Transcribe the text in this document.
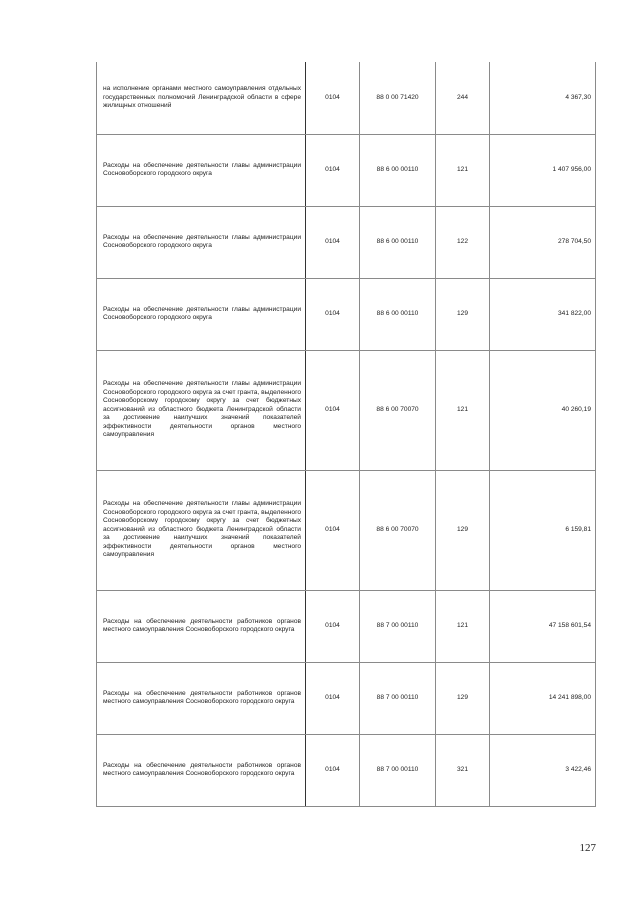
на исполнение органами местного самоуправления отдельных государственных полномочий Ленинградской области в сфере жилищных отношений	0104	88 0 00 71420	244	4 367,30
Расходы на обеспечение деятельности главы администрации Сосновоборского городского округа	0104	88 6 00 00110	121	1 407 956,00
Расходы на обеспечение деятельности главы администрации Сосновоборского городского округа	0104	88 6 00 00110	122	278 704,50
Расходы на обеспечение деятельности главы администрации Сосновоборского городского округа	0104	88 6 00 00110	129	341 822,00
Расходы на обеспечение деятельности главы администрации Сосновоборского городского округа за счет гранта, выделенного Сосновоборскому городскому округу за счет бюджетных ассигнований из областного бюджета Ленинградской области за достижение наилучших значений показателей эффективности деятельности органов местного самоуправления	0104	88 6 00 70070	121	40 260,19
Расходы на обеспечение деятельности главы администрации Сосновоборского городского округа за счет гранта, выделенного Сосновоборскому городскому округу за счет бюджетных ассигнований из областного бюджета Ленинградской области за достижение наилучших значений показателей эффективности деятельности органов местного самоуправления	0104	88 6 00 70070	129	6 159,81
Расходы на обеспечение деятельности работников органов местного самоуправления Сосновоборского городского округа	0104	88 7 00 00110	121	47 158 601,54
Расходы на обеспечение деятельности работников органов местного самоуправления Сосновоборского городского округа	0104	88 7 00 00110	129	14 241 898,00
Расходы на обеспечение деятельности работников органов местного самоуправления Сосновоборского городского округа	0104	88 7 00 00110	321	3 422,46
127
